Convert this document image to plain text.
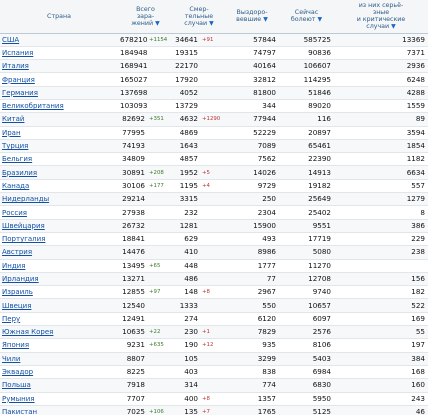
Страна	Всего
зара-
жений ▼		Смер-
тельные
случаи ▼		Выздоро-
вевшие ▼	Сейчас
болеют ▼	из них серьё-
зные
и критические
случаи ▼
США	678210	+1154	34641	+91	57844	585725	13369
Испания	184948		19315		74797	90836	7371
Италия	168941		22170		40164	106607	2936
Франция	165027		17920		32812	114295	6248
Германия	137698		4052		81800	51846	4288
Великобритания	103093		13729		344	89020	1559
Китай	82692	+351	4632	+1290	77944	116	89
Иран	77995		4869		52229	20897	3594
Турция	74193		1643		7089	65461	1854
Бельгия	34809		4857		7562	22390	1182
Бразилия	30891	+208	1952	+5	14026	14913	6634
Канада	30106	+177	1195	+4	9729	19182	557
Нидерланды	29214		3315		250	25649	1279
Россия	27938		232		2304	25402	8
Швейцария	26732		1281		15900	9551	386
Португалия	18841		629		493	17719	229
Австрия	14476		410		8986	5080	238
Индия	13495	+65	448		1777	11270	
Ирландия	13271		486		77	12708	156
Израиль	12855	+97	148	+8	2967	9740	182
Швеция	12540		1333		550	10657	522
Перу	12491		274		6120	6097	169
Южная Корея	10635	+22	230	+1	7829	2576	55
Япония	9231	+635	190	+12	935	8106	197
Чили	8807		105		3299	5403	384
Эквадор	8225		403		838	6984	168
Польша	7918		314		774	6830	160
Румыния	7707		400	+8	1357	5950	243
Пакистан	7025	+106	135	+7	1765	5125	46
